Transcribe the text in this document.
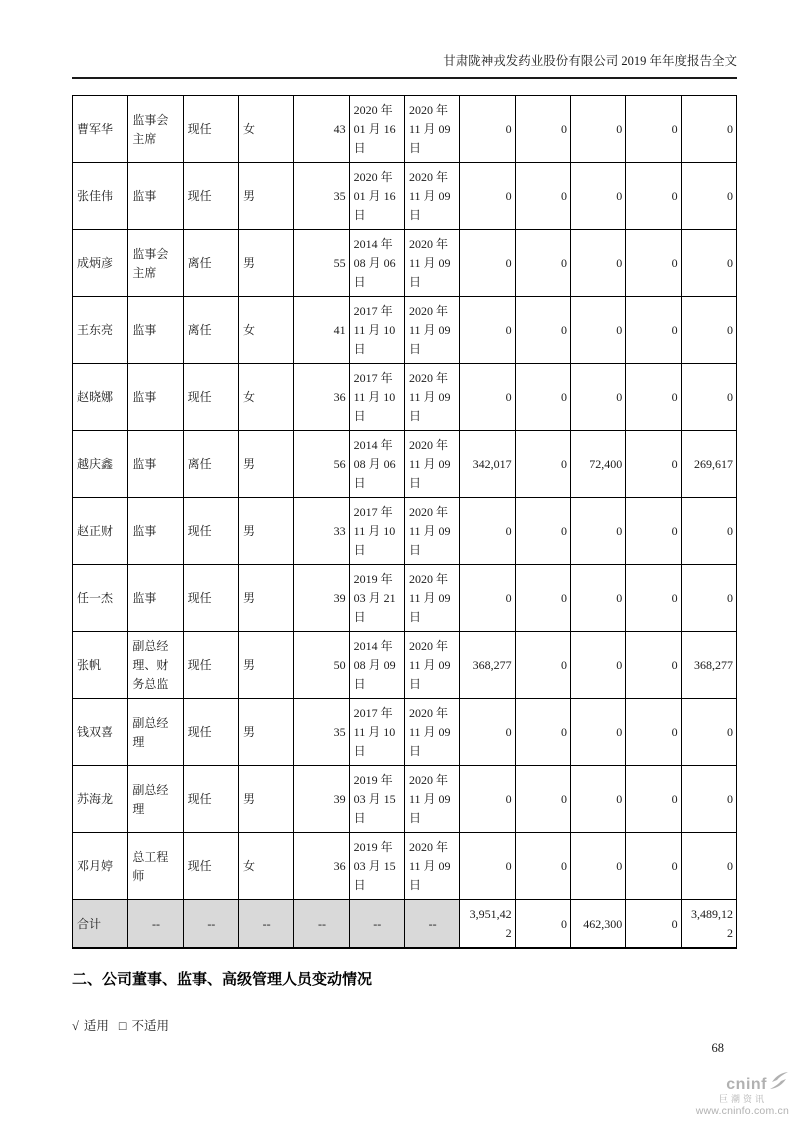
甘肃陇神戎发药业股份有限公司 2019 年年度报告全文
曹军华	监事会主席	现任	女	43	2020 年 01 月 16 日	2020 年 11 月 09 日	0	0	0	0	0
张佳伟	监事	现任	男	35	2020 年 01 月 16 日	2020 年 11 月 09 日	0	0	0	0	0
成炳彦	监事会主席	离任	男	55	2014 年 08 月 06 日	2020 年 11 月 09 日	0	0	0	0	0
王东亮	监事	离任	女	41	2017 年 11 月 10 日	2020 年 11 月 09 日	0	0	0	0	0
赵晓娜	监事	现任	女	36	2017 年 11 月 10 日	2020 年 11 月 09 日	0	0	0	0	0
越庆鑫	监事	离任	男	56	2014 年 08 月 06 日	2020 年 11 月 09 日	342,017	0	72,400	0	269,617
赵正财	监事	现任	男	33	2017 年 11 月 10 日	2020 年 11 月 09 日	0	0	0	0	0
任一杰	监事	现任	男	39	2019 年 03 月 21 日	2020 年 11 月 09 日	0	0	0	0	0
张帆	副总经理、财务总监	现任	男	50	2014 年 08 月 09 日	2020 年 11 月 09 日	368,277	0	0	0	368,277
钱双喜	副总经理	现任	男	35	2017 年 11 月 10 日	2020 年 11 月 09 日	0	0	0	0	0
苏海龙	副总经理	现任	男	39	2019 年 03 月 15 日	2020 年 11 月 09 日	0	0	0	0	0
邓月婷	总工程师	现任	女	36	2019 年 03 月 15 日	2020 年 11 月 09 日	0	0	0	0	0
合计	--	--	--	--	--	--	3,951,422	0	462,300	0	3,489,122
二、公司董事、监事、高级管理人员变动情况
√ 适用 □ 不适用
68
cninf
巨潮资讯
www.cninfo.com.cn
